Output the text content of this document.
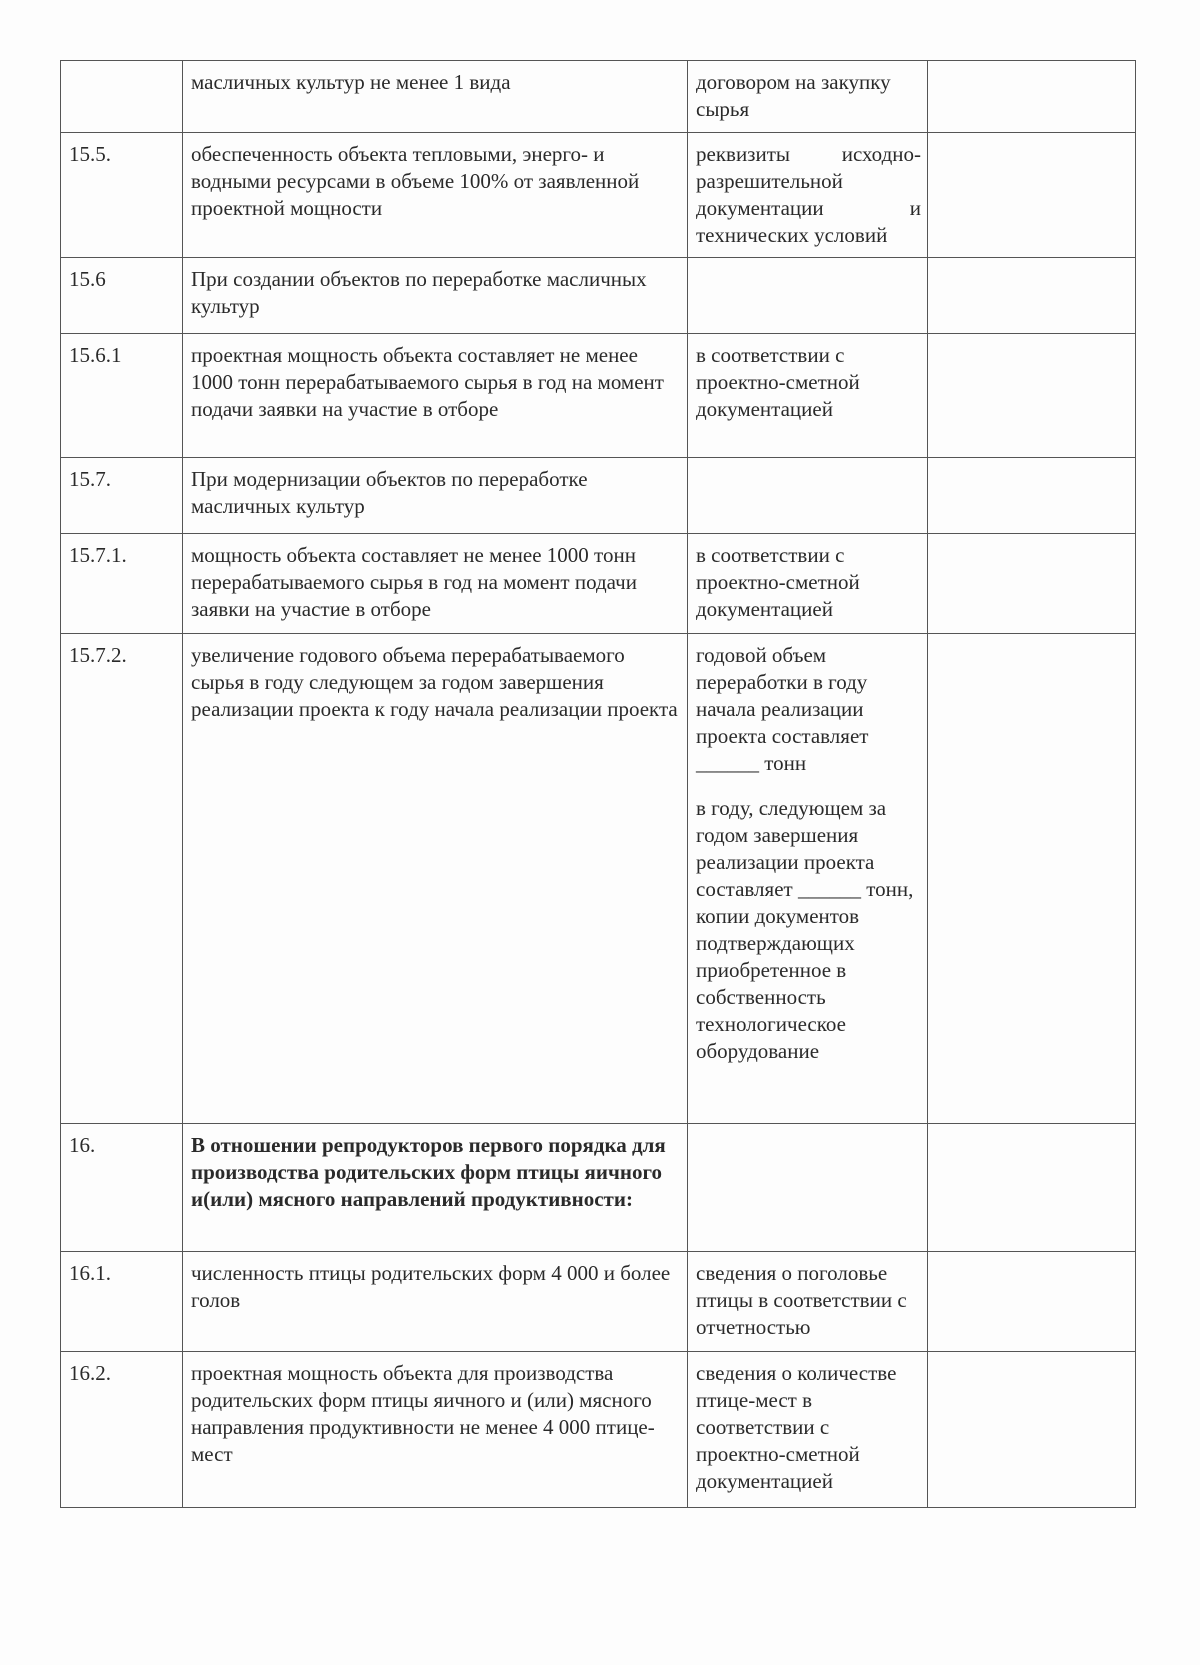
	масличных культур не менее 1 вида	договором на закупку сырья	

15.5.	обеспеченность объекта тепловыми, энерго- и водными ресурсами в объеме 100% от заявленной проектной мощности	реквизиты исходно-разрешительной документации и технических условий	

15.6	При создании объектов по переработке масличных культур	

15.6.1	проектная мощность объекта составляет не менее 1000 тонн перерабатываемого сырья в год на момент подачи заявки на участие в отборе	в соответствии с проектно-сметной документацией	

15.7.	При модернизации объектов по переработке масличных культур	

15.7.1.	мощность объекта составляет не менее 1000 тонн перерабатываемого сырья в год на момент подачи заявки на участие в отборе	в соответствии с проектно-сметной документацией	

15.7.2.	увеличение годового объема перерабатываемого сырья в году следующем за годом завершения реализации проекта к году начала реализации проекта	годовой объем переработки в году начала реализации проекта составляет ______ тонн
в году, следующем за годом завершения реализации проекта составляет ______ тонн, копии документов подтверждающих приобретенное в собственность технологическое оборудование	

16.	В отношении репродукторов первого порядка для производства родительских форм птицы яичного и(или) мясного направлений продуктивности:	

16.1.	численность птицы родительских форм 4 000 и более голов	сведения о поголовье птицы в соответствии с отчетностью	

16.2.	проектная мощность объекта для производства родительских форм птицы яичного и (или) мясного направления продуктивности не менее 4 000 птице-мест	сведения о количестве птице-мест в соответствии с проектно-сметной документацией	
